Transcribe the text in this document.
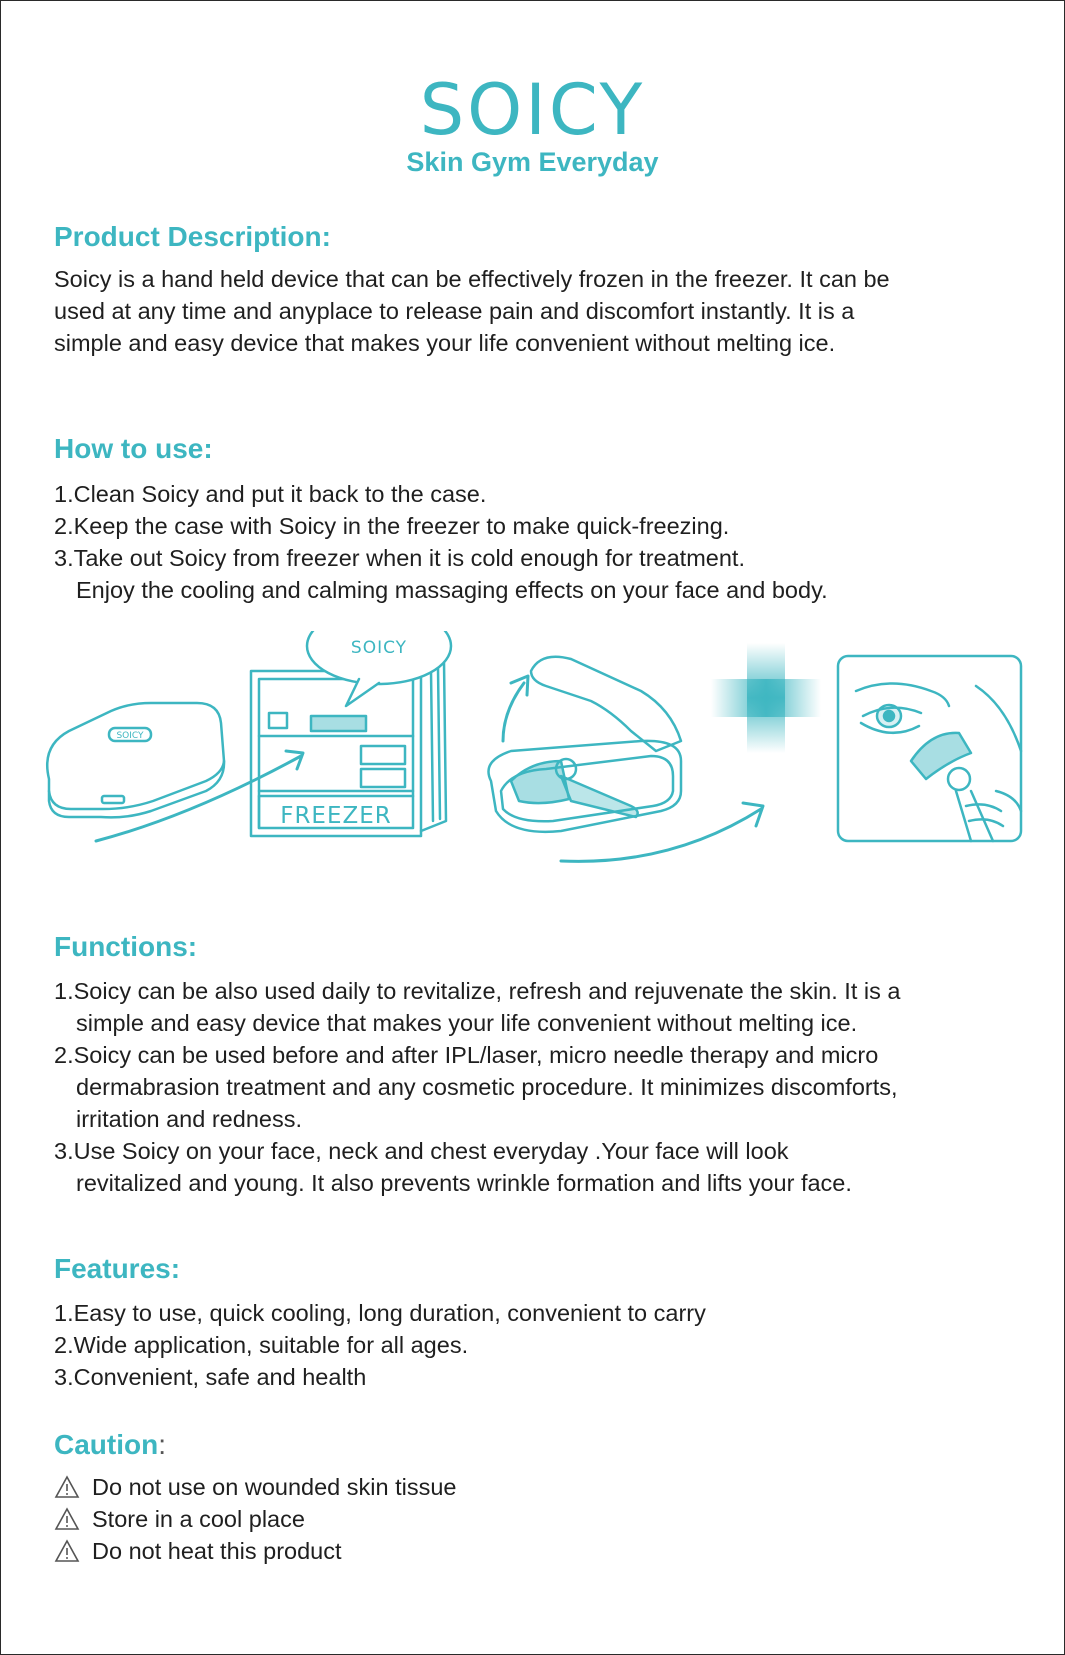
SOICY
Skin Gym Everyday
Product Description:
Soicy is a hand held device that can be effectively frozen in the freezer. It can be
used at any time and anyplace to release pain and discomfort instantly. It is a
simple and easy device that makes your life convenient without melting ice.
How to use:
1.Clean Soicy and put it back to the case.
2.Keep the case with Soicy in the freezer to make quick-freezing.
3.Take out Soicy from freezer when it is cold enough for treatment.
Enjoy the cooling and calming massaging effects on your face and body.
SOICY
FREEZER
SOICY
Functions:
1.Soicy can be also used daily to revitalize, refresh and rejuvenate the skin. It is a
simple and easy device that makes your life convenient without melting ice.
2.Soicy can be used before and after IPL/laser, micro needle therapy and micro
dermabrasion treatment and any cosmetic procedure. It minimizes discomforts,
irritation and redness.
3.Use Soicy on your face, neck and chest everyday .Your face will look
revitalized and young. It also prevents wrinkle formation and lifts your face.
Features:
1.Easy to use, quick cooling, long duration, convenient to carry
2.Wide application, suitable for all ages.
3.Convenient, safe and health
Caution:
Do not use on wounded skin tissue
Store in a cool place
Do not heat this product
